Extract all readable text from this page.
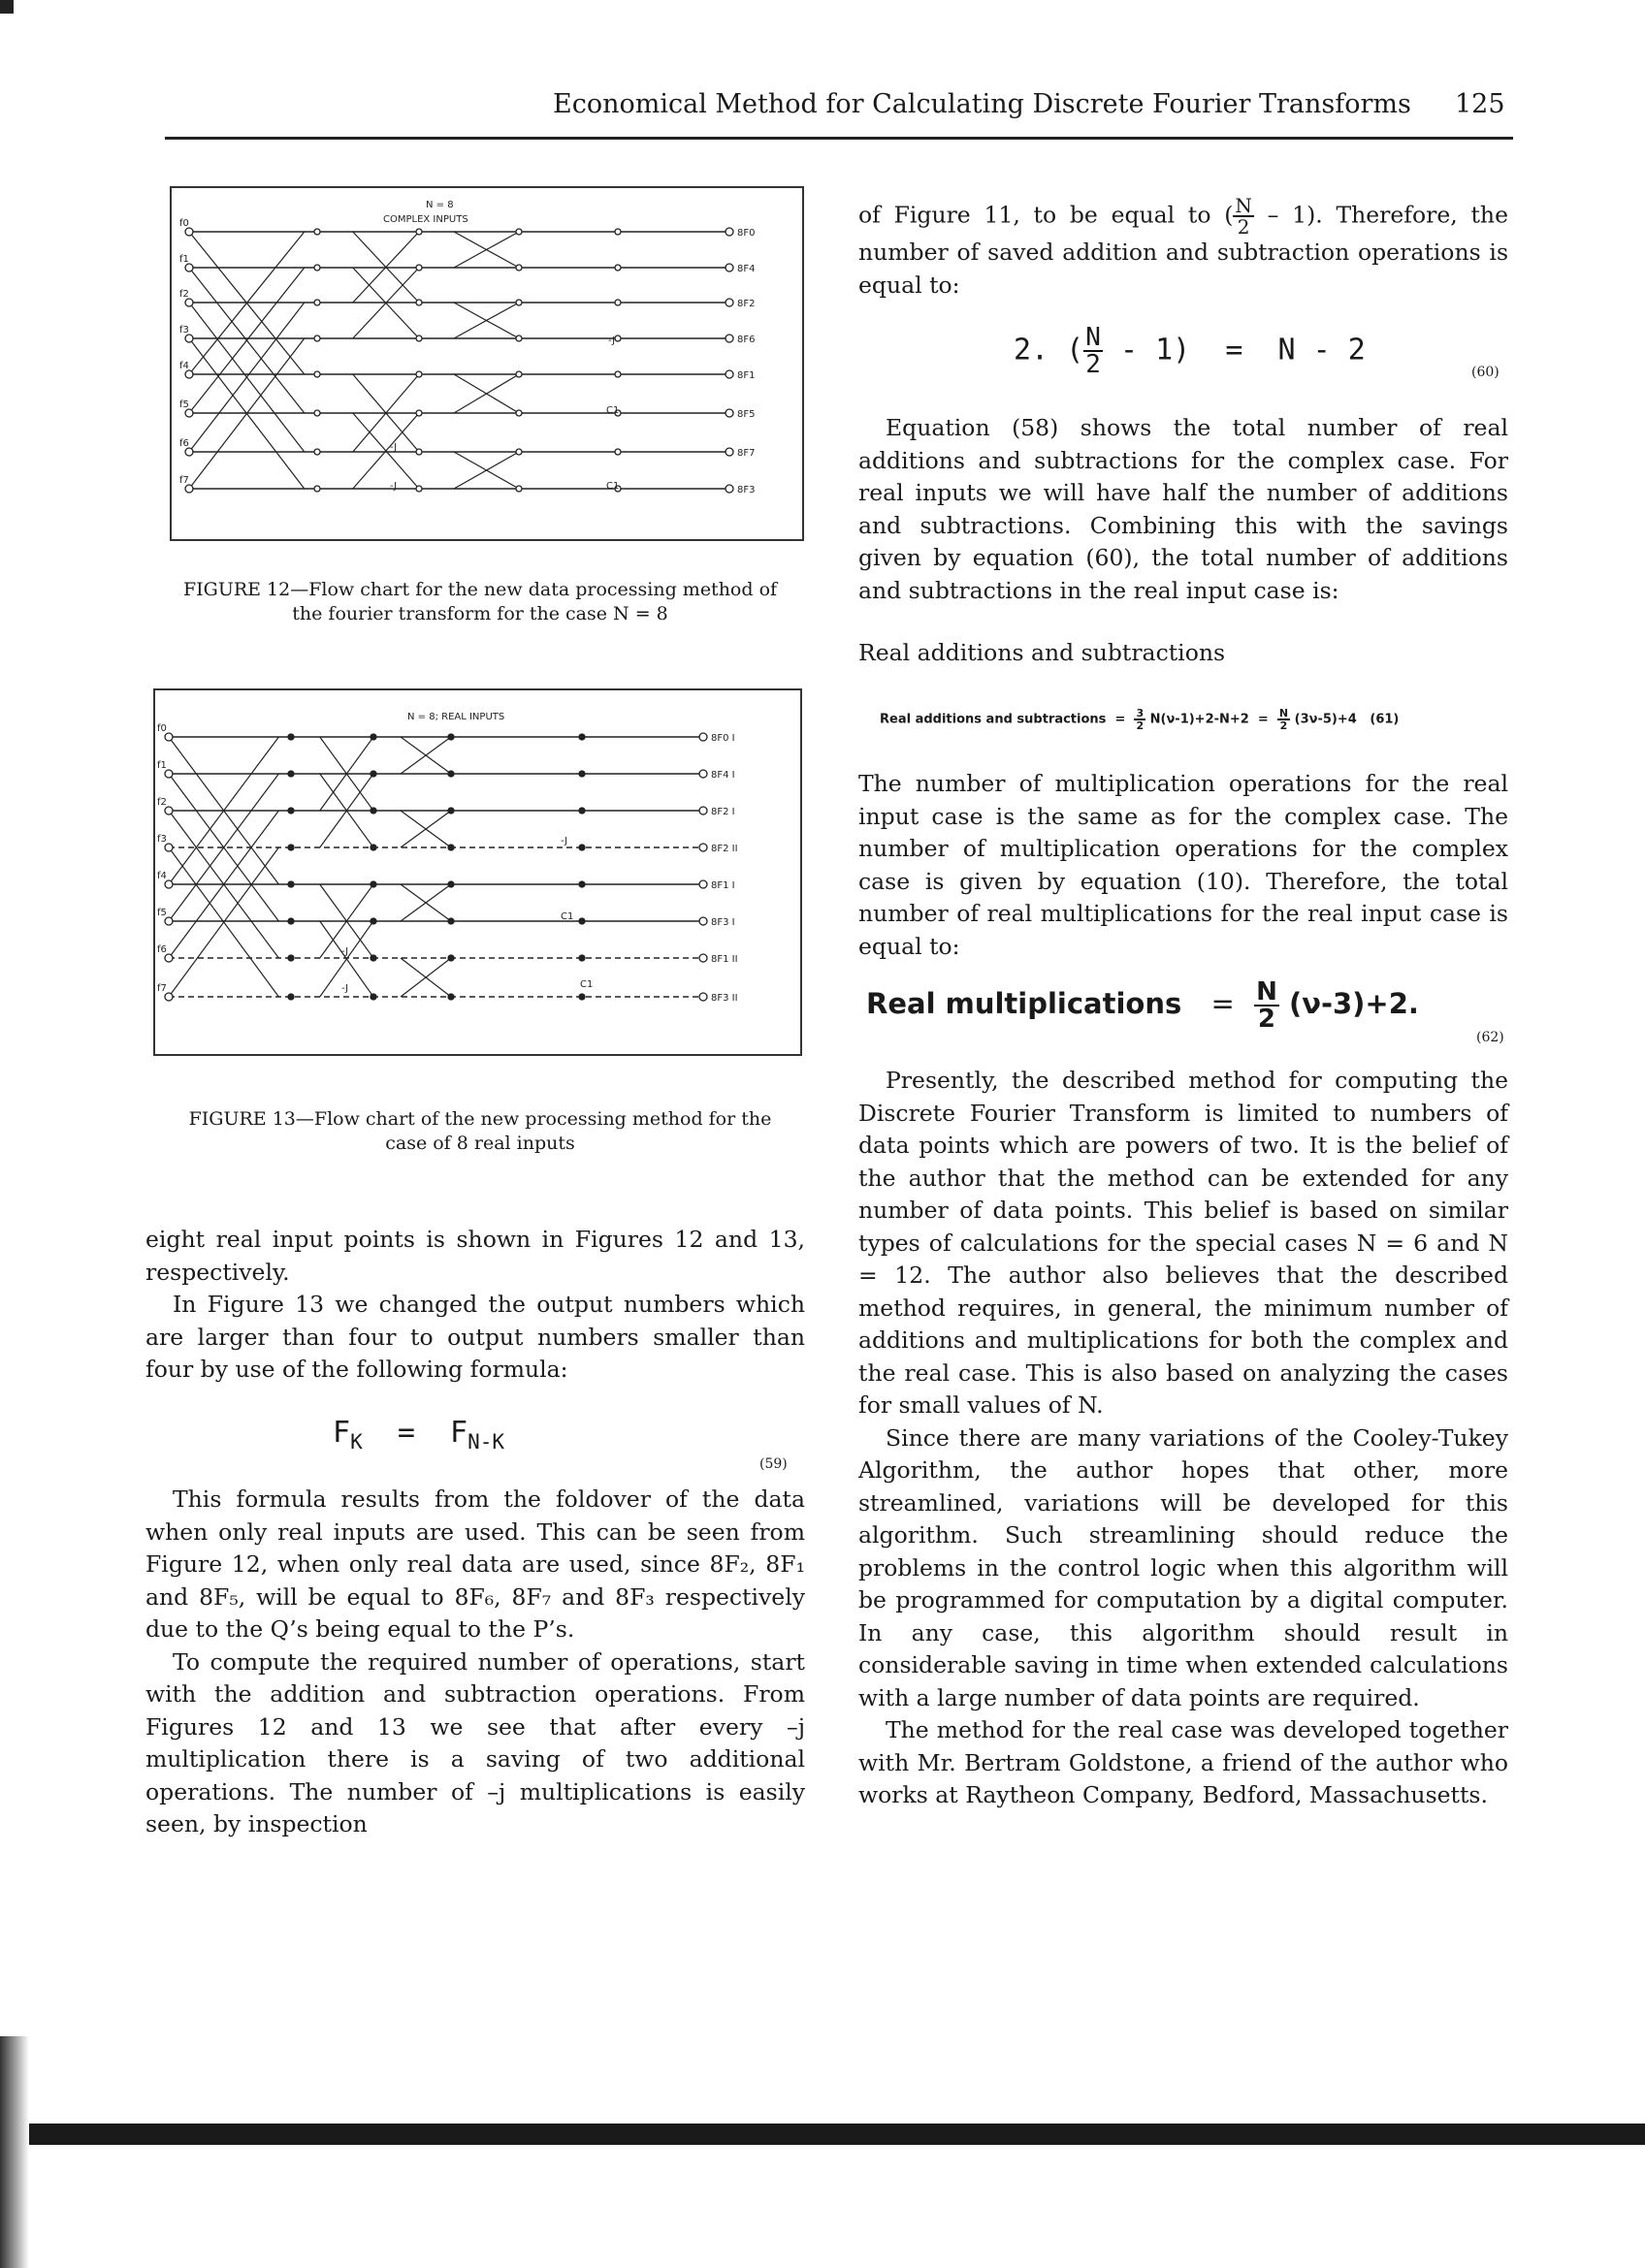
Economical Method for Calculating Discrete Fourier Transforms 125
N = 8
COMPLEX INPUTS
f0
f1
f2
f3
f4
f5
f6
f7
8F0
8F4
8F2
8F6
8F1
8F5
8F7
8F3
-J
-J
-J
C1
C1
FIGURE 12—Flow chart for the new data processing method of
the fourier transform for the case N = 8
N = 8; REAL INPUTS
f0
f1
f2
f3
f4
f5
f6
f7
8F0 I
8F4 I
8F2 I
8F2 II
8F1 I
8F3 I
8F1 II
8F3 II
-J
C1
-J
-J	C1
FIGURE 13—Flow chart of the new processing method for the
case of 8 real inputs

eight real input points is shown in Figures 12 and 13, respectively.

In Figure 13 we changed the output numbers which are larger than four to output numbers smaller than four by use of the following formula:

$F_K = F_{N-K}$
(59)

This formula results from the foldover of the data when only real inputs are used. This can be seen from Figure 12, when only real data are used, since 8F₂, 8F₁ and 8F₅, will be equal to 8F₆, 8F₇ and 8F₃ respectively due to the Q’s being equal to the P’s.

To compute the required number of operations, start with the addition and subtraction operations. From Figures 12 and 13 we see that after every –j multiplication there is a saving of two additional operations. The number of –j multiplications is easily seen, by inspection

of Figure 11, to be equal to ( $\frac{N}{2} - 1$). Therefore, the number of saved addition and subtraction operations is equal to:

2. ( $\frac{N}{2} - 1) = N - 2$
(60)

Equation (58) shows the total number of real additions and subtractions for the complex case. For real inputs we will have half the number of additions and subtractions. Combining this with the savings given by equation (60), the total number of additions and subtractions in the real input case is:

Real additions and subtractions

Real additions and subtractions = $\frac{3}{2} N(\nu-1)+2-N+2 = \frac{N}{2} (3\nu-5)+4$ (61)

The number of multiplication operations for the real input case is the same as for the complex case. The number of multiplication operations for the complex case is given by equation (10). Therefore, the total number of real multiplications for the real input case is equal to:

Real multiplications = $\frac{N}{2} (\nu-3)+2$.
(62)

Presently, the described method for computing the Discrete Fourier Transform is limited to numbers of data points which are powers of two. It is the belief of the author that the method can be extended for any number of data points. This belief is based on similar types of calculations for the special cases N = 6 and N = 12. The author also believes that the described method requires, in general, the minimum number of additions and multiplications for both the complex and the real case. This is also based on analyzing the cases for small values of N.

Since there are many variations of the Cooley-Tukey Algorithm, the author hopes that other, more streamlined, variations will be developed for this algorithm. Such streamlining should reduce the problems in the control logic when this algorithm will be programmed for computation by a digital computer. In any case, this algorithm should result in considerable saving in time when extended calculations with a large number of data points are required.

The method for the real case was developed together with Mr. Bertram Goldstone, a friend of the author who works at Raytheon Company, Bedford, Massachusetts.
